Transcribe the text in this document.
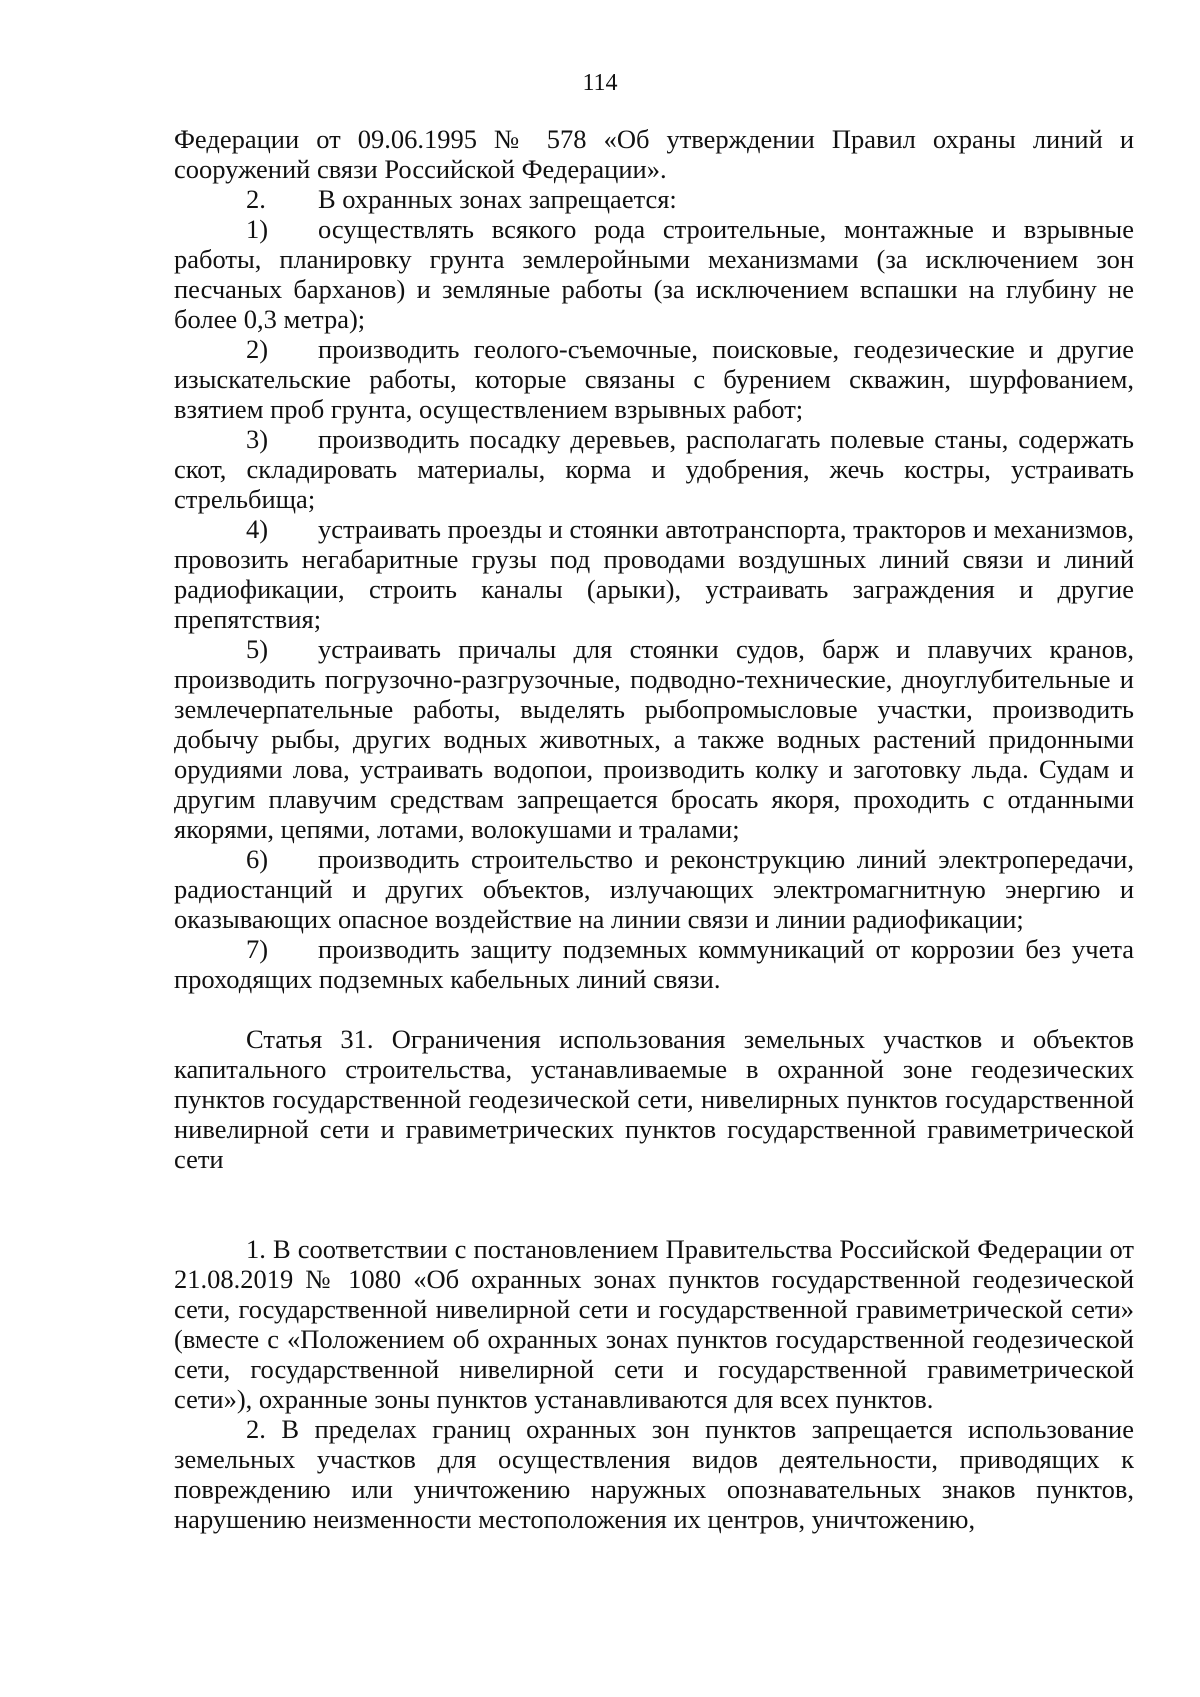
114

Федерации от 09.06.1995 № 578 «Об утверждении Правил охраны линий и сооружений связи Российской Федерации».

2. В охранных зонах запрещается:

1) осуществлять всякого рода строительные, монтажные и взрывные работы, планировку грунта землеройными механизмами (за исключением зон песчаных барханов) и земляные работы (за исключением вспашки на глубину не более 0,3 метра);

2) производить геолого-съемочные, поисковые, геодезические и другие изыскательские работы, которые связаны с бурением скважин, шурфованием, взятием проб грунта, осуществлением взрывных работ;

3) производить посадку деревьев, располагать полевые станы, содержать скот, складировать материалы, корма и удобрения, жечь костры, устраивать стрельбища;

4) устраивать проезды и стоянки автотранспорта, тракторов и механизмов, провозить негабаритные грузы под проводами воздушных линий связи и линий радиофикации, строить каналы (арыки), устраивать заграждения и другие препятствия;

5) устраивать причалы для стоянки судов, барж и плавучих кранов, производить погрузочно-разгрузочные, подводно-технические, дноуглубительные и землечерпательные работы, выделять рыбопромысловые участки, производить добычу рыбы, других водных животных, а также водных растений придонными орудиями лова, устраивать водопои, производить колку и заготовку льда. Судам и другим плавучим средствам запрещается бросать якоря, проходить с отданными якорями, цепями, лотами, волокушами и тралами;

6) производить строительство и реконструкцию линий электропередачи, радиостанций и других объектов, излучающих электромагнитную энергию и оказывающих опасное воздействие на линии связи и линии радиофикации;

7) производить защиту подземных коммуникаций от коррозии без учета проходящих подземных кабельных линий связи.

Статья 31. Ограничения использования земельных участков и объектов капитального строительства, устанавливаемые в охранной зоне геодезических пунктов государственной геодезической сети, нивелирных пунктов государственной нивелирной сети и гравиметрических пунктов государственной гравиметрической сети

1. В соответствии с постановлением Правительства Российской Федерации от 21.08.2019 № 1080 «Об охранных зонах пунктов государственной геодезической сети, государственной нивелирной сети и государственной гравиметрической сети» (вместе с «Положением об охранных зонах пунктов государственной геодезической сети, государственной нивелирной сети и государственной гравиметрической сети»), охранные зоны пунктов устанавливаются для всех пунктов.

2. В пределах границ охранных зон пунктов запрещается использование земельных участков для осуществления видов деятельности, приводящих к повреждению или уничтожению наружных опознавательных знаков пунктов, нарушению неизменности местоположения их центров, уничтожению,
